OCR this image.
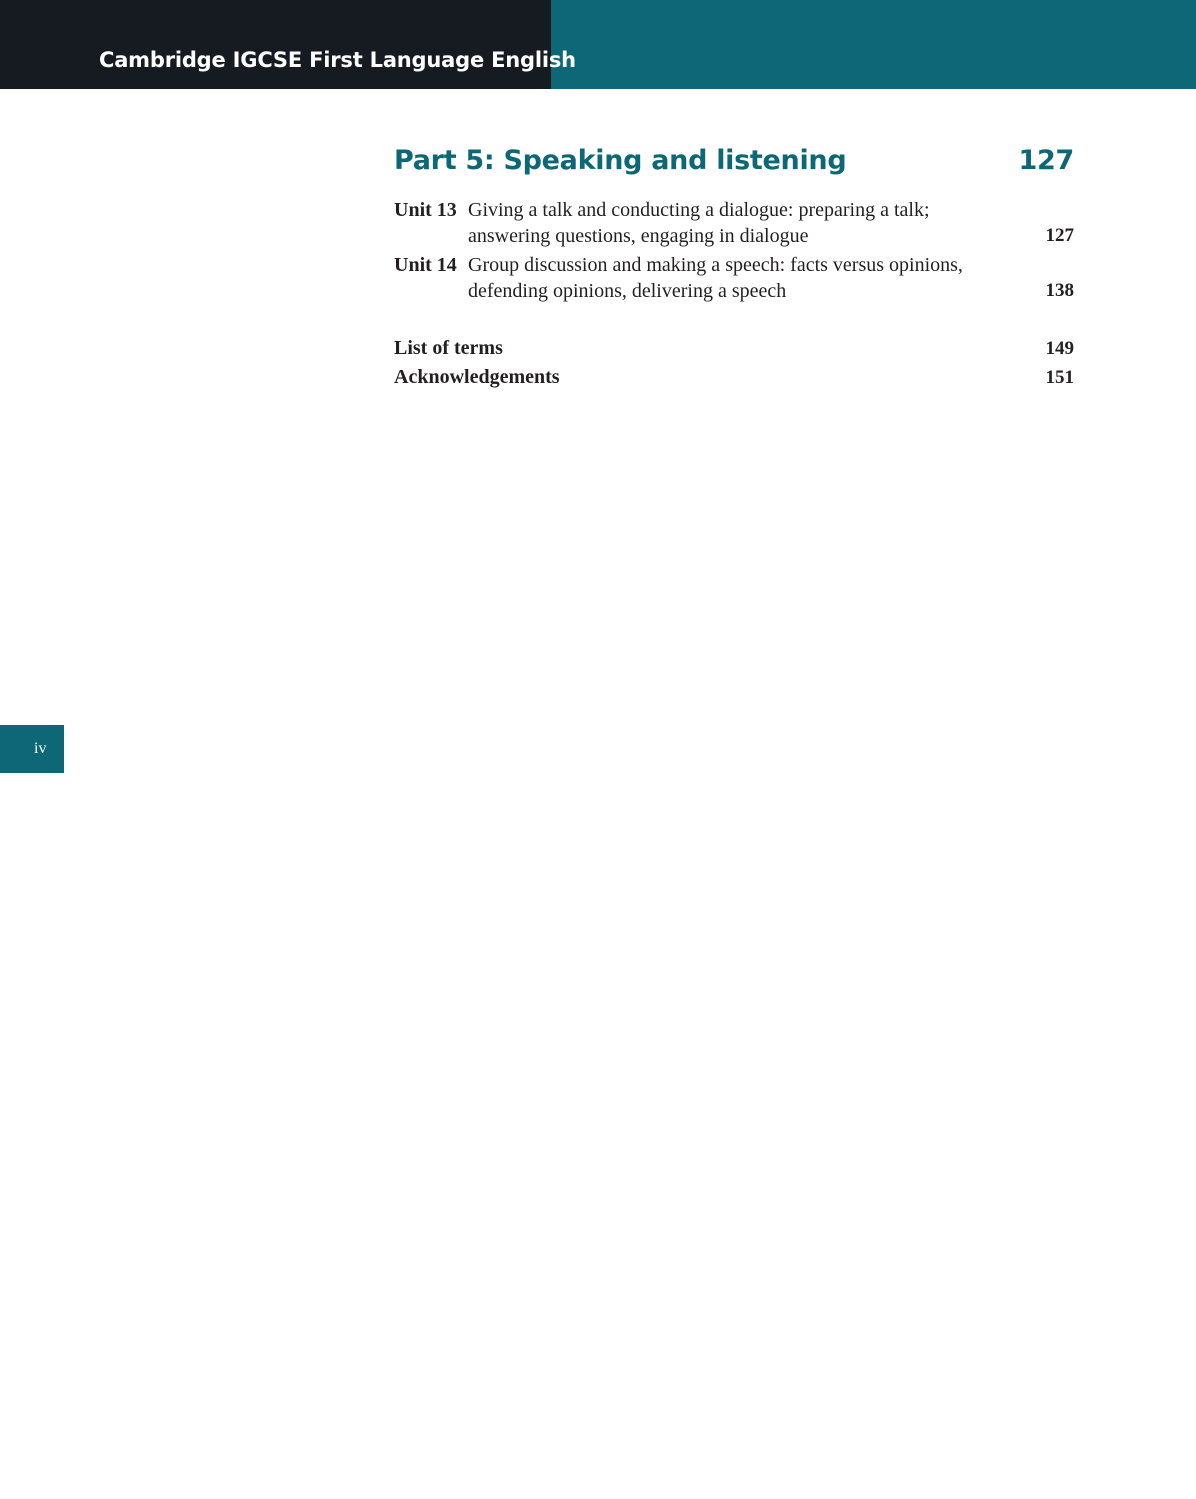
Cambridge IGCSE First Language English
Part 5: Speaking and listening	127
Unit 13 Giving a talk and conducting a dialogue: preparing a talk;
answering questions, engaging in dialogue	127
Unit 14 Group discussion and making a speech: facts versus opinions,
defending opinions, delivering a speech	138
List of terms	149
Acknowledgements	151
iv
